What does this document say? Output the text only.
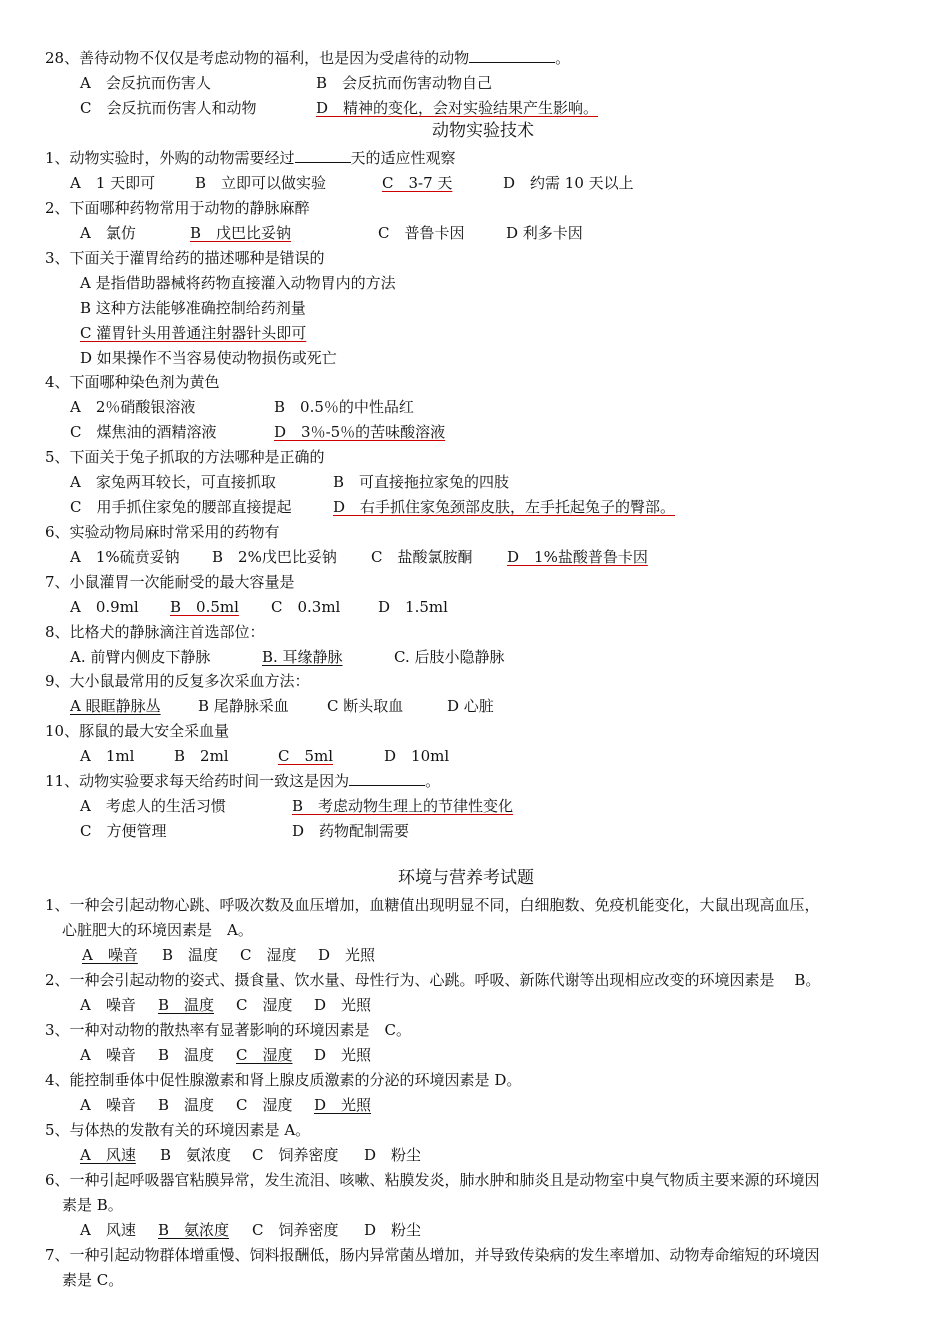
28、善待动物不仅仅是考虑动物的福利，也是因为受虐待的动物	。
A　会反抗而伤害人	B　会反抗而伤害动物自己
C　会反抗而伤害人和动物	D　精神的变化，会对实验结果产生影响。
动物实验技术
1、动物实验时，外购的动物需要经过	天的适应性观察
A　1 天即可	B　立即可以做实验	C　3-7 天	D　约需 10 天以上
2、下面哪种药物常用于动物的静脉麻醉
A　氯仿	B　戊巴比妥钠	C　普鲁卡因	D 利多卡因
3、下面关于灌胃给药的描述哪种是错误的
A 是指借助器械将药物直接灌入动物胃内的方法
B 这种方法能够准确控制给药剂量
C 灌胃针头用普通注射器针头即可
D 如果操作不当容易使动物损伤或死亡
4、下面哪种染色剂为黄色
A　2％硝酸银溶液	B　0.5％的中性品红
C　煤焦油的酒精溶液	D　3％-5％的苦味酸溶液
5、下面关于兔子抓取的方法哪种是正确的
A　家兔两耳较长，可直接抓取	B　可直接拖拉家兔的四肢
C　用手抓住家兔的腰部直接提起	D　右手抓住家兔颈部皮肤，左手托起兔子的臀部。
6、实验动物局麻时常采用的药物有
A　1%硫贲妥钠 B　2%戊巴比妥钠 C　盐酸氯胺酮 D　1%盐酸普鲁卡因
7、小鼠灌胃一次能耐受的最大容量是
A　0.9ml B　0.5ml C　0.3ml	D　1.5ml
8、比格犬的静脉滴注首选部位：
A. 前臂内侧皮下静脉	B. 耳缘静脉	C. 后肢小隐静脉
9、大小鼠最常用的反复多次采血方法：
A 眼眶静脉丛 B 尾静脉采血	C 断头取血	D 心脏
10、豚鼠的最大安全采血量
A　1ml	B　2ml	C　5ml	D　10ml
11、动物实验要求每天给药时间一致这是因为	。
A　考虑人的生活习惯	B　考虑动物生理上的节律性变化
C　方便管理	D　药物配制需要
环境与营养考试题
1、一种会引起动物心跳、呼吸次数及血压增加，血糖值出现明显不同，白细胞数、免疫机能变化，大鼠出现高血压，
心脏肥大的环境因素是　A。
A　噪音 B　温度 C　湿度 D　光照
2、一种会引起动物的姿式、摄食量、饮水量、母性行为、心跳。呼吸、新陈代谢等出现相应改变的环境因素是　 B。
A　噪音 B　温度 C　湿度 D　光照
3、一种对动物的散热率有显著影响的环境因素是　C。
A　噪音 B　温度 C　湿度 D　光照
4、能控制垂体中促性腺激素和肾上腺皮质激素的分泌的环境因素是 D。
A　噪音 B　温度 C　湿度 D　光照
5、与体热的发散有关的环境因素是 A。
A　风速 B　氨浓度 C　饲养密度 D　粉尘
6、一种引起呼吸器官粘膜异常，发生流泪、咳嗽、粘膜发炎，肺水肿和肺炎且是动物室中臭气物质主要来源的环境因
素是 B。
A　风速 B　氨浓度 C　饲养密度 D　粉尘
7、一种引起动物群体增重慢、饲料报酬低，肠内异常菌丛增加，并导致传染病的发生率增加、动物寿命缩短的环境因
素是 C。
